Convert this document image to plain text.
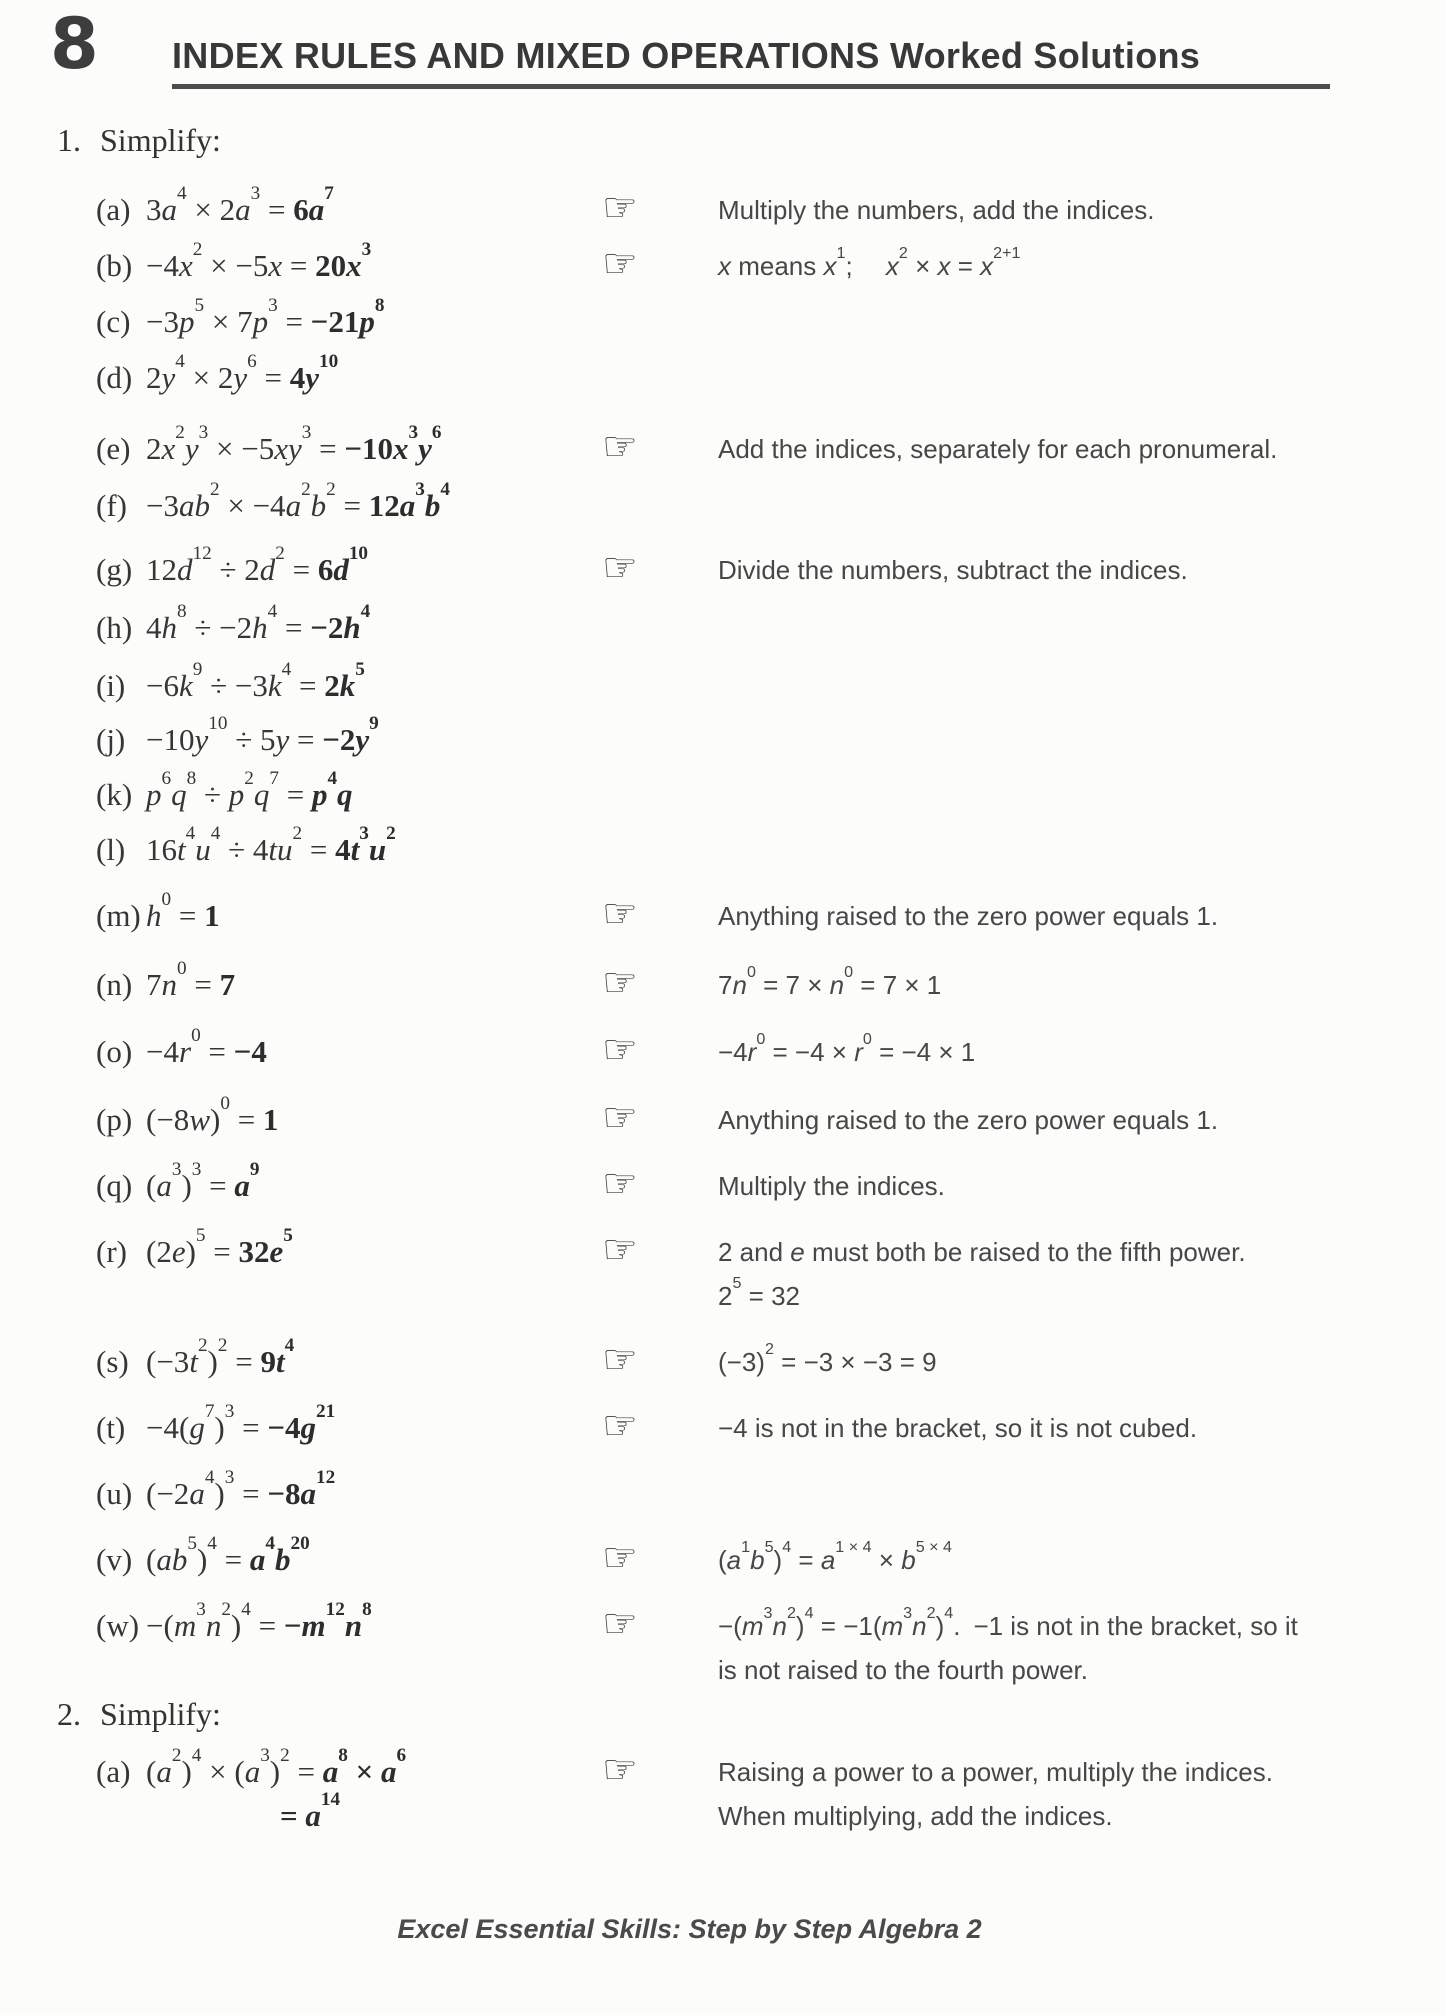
8 INDEX RULES AND MIXED OPERATIONS Worked Solutions
1. Simplify:
(a) $3a^4 \times 2a^3 = 6a^7$	☞	Multiply the numbers, add the indices.
$(b) -4x^2 \times -5x = 20x^3$	☞	x means $x^1$;  $x^2 \times x = x^{2+1}$
$(c) -3p^5 \times 7p^3 = -21p^8$
(d) $2y^4 \times 2y^6 = 4y^{10}$
(e) $2x^2y^3 \times -5xy^3 = -10x^3y^6$	☞	Add the indices, separately for each pronumeral.
$(f) -3ab^2 \times -4a^2b^2 = 12a^3b^4$
(g) $12d^{12} \div 2d^2 = 6d^{10}$	☞	Divide the numbers, subtract the indices.
(h) $4h^8 \div -2h^4 = -2h^4$
$(i) -6k^9 \div -3k^4 = 2k^5$
$(j) -10y^{10} \div 5y = -2y^9$
(k) $p^6q^8 \div p^2q^7 = p^4q$
(l) $16t^4u^4 \div 4tu^2 = 4t^3u^2$
(m) $h^0 = 1$	☞	Anything raised to the zero power equals 1.
(n) $7n^0 = 7$	☞	$7n^0 = 7 \times n^0 = 7 \times 1$
$(o) -4r^0 = -4$	☞	$-4r^0 = -4 \times r^0 = -4 \times 1$
(p) $(-8w)^0 = 1$	☞	Anything raised to the zero power equals 1.
(q) $(a^3)^3 = a^9$	☞	Multiply the indices.
(r) $(2e)^5 = 32e^5$	☞	2 and e must both be raised to the fifth power.
$2^5 = 32$
(s) $(-3t^2)^2 = 9t^4$	☞	$(-3)^2 = -3 \times -3 = 9$
$(t) -4(g^7)^3 = -4g^{21}$	☞	−4 is not in the bracket, so it is not cubed.
(u) $(-2a^4)^3 = -8a^{12}$
(v) $(ab^5)^4 = a^4b^{20}$	☞	$(a^1b^5)^4 = a^{1 \times 4} \times b^{5 \times 4}$
$(w) -(m^3n^2)^4 = -m^{12}n^8$	☞	$-(m^3n^2)^4 = -1(m^3n^2)^4$. −1 is not in the bracket, so it
is not raised to the fourth power.
2. Simplify:
(a) $(a^2)^4 \times (a^3)^2 = a^8 \times a^6$
= $a^{14}$
☞	Raising a power to a power, multiply the indices.
When multiplying, add the indices.
Excel Essential Skills: Step by Step Algebra 2
